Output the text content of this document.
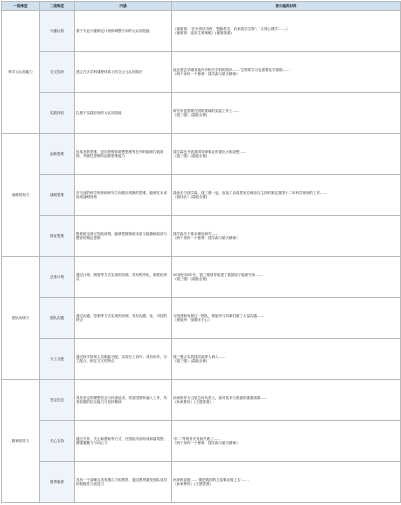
一级维度	二级维度	内涵	部分编码材料
科学元认知能力	兴趣认知	基于专业兴趣制定计划和调整方向的元认知技能	《童第周：‘在年青读书时，想搞哲学，后来改学生物’；‘又得心理学’……》

《童第周：追求生命奥秘》(童第周著)

	交叉知识	建立在多学科课程体系上的交叉元认知知识	他还需去学哪其他许多相关学科的知识……‘生物系学习也需要化学基础……’

《两个身份一个使命：钱学森与航天精神》

	实践体验	扎根于实践经验的元认知技能	研究所更需要在国防领域的实践工作上……

《钱三强》(葛能全著)

战略规划力	创新思维	包括发散思维、逆向思维和联想思维等在内的能够打破常规、突破性思维的创新思维能力	钱学森在开创我国导弹事业时提出大胆设想……

《钱三强》(葛能全著)

	战略思维	对当前的科学形势和研究方向做出判断的思维，能够在未来形成战略规划	钱伟长与钱学森、钱三强一起，参加了由周恩来总理亲自主持的制定我国十二年科学规划的工作……

《钱伟长》(葛能全著)

	辩证思维	既系统全面又细致深刻，能够把握系统本质又能兼顾局部与整体的辩证思维	钱学森关于基本理论研究……

《两个身份一个使命：钱学森与航天精神》

团队协调力	总体计划	通过计划、制度等方式实现的协调，具有程序化、制度化特点	20世纪50年代，钱三强领导组建了我国原子能研究所……

《钱三强》(葛能全著)

	团队沟通	通过沟通、控制等方式实现的协调，具有沟通、化、可控的特点	为组建和发展这一团队，黄旭华与同事们做了大量沟通……

《黄旭华：深潜赤子心》

	分工互配	通过科学规划人员职能分配，实现分工协作；具有协作、分工配合、相互交叉的特点	钱三强点名将钱学森等人调入……

《钱三强》(葛能全著)

精神领导力	坚定信念	具有坚定的理想信念与执著追求，将爱国情怀融入工作，具有较强的抗压能力与坚持精神	孙家栋作为卫星总体负责人，面对技术与资源的重重困难……

《孙家栋传》(王建蒙著)

	关心支持	通过关怀、关心和帮助等方式，在团队内部形成和谐氛围，增强凝聚力与向心力	‘东二’等的首次发射失败了……

《两个身份一个使命：钱学森与航天精神》

	愿景驱使	具有一个清晰且具有感召力的愿景，通过愿景激发团队成员的积极性与创造力	孙家栋说道……‘要把我国的卫星事业做上去’……

《孙家栋传》(王建蒙著)
